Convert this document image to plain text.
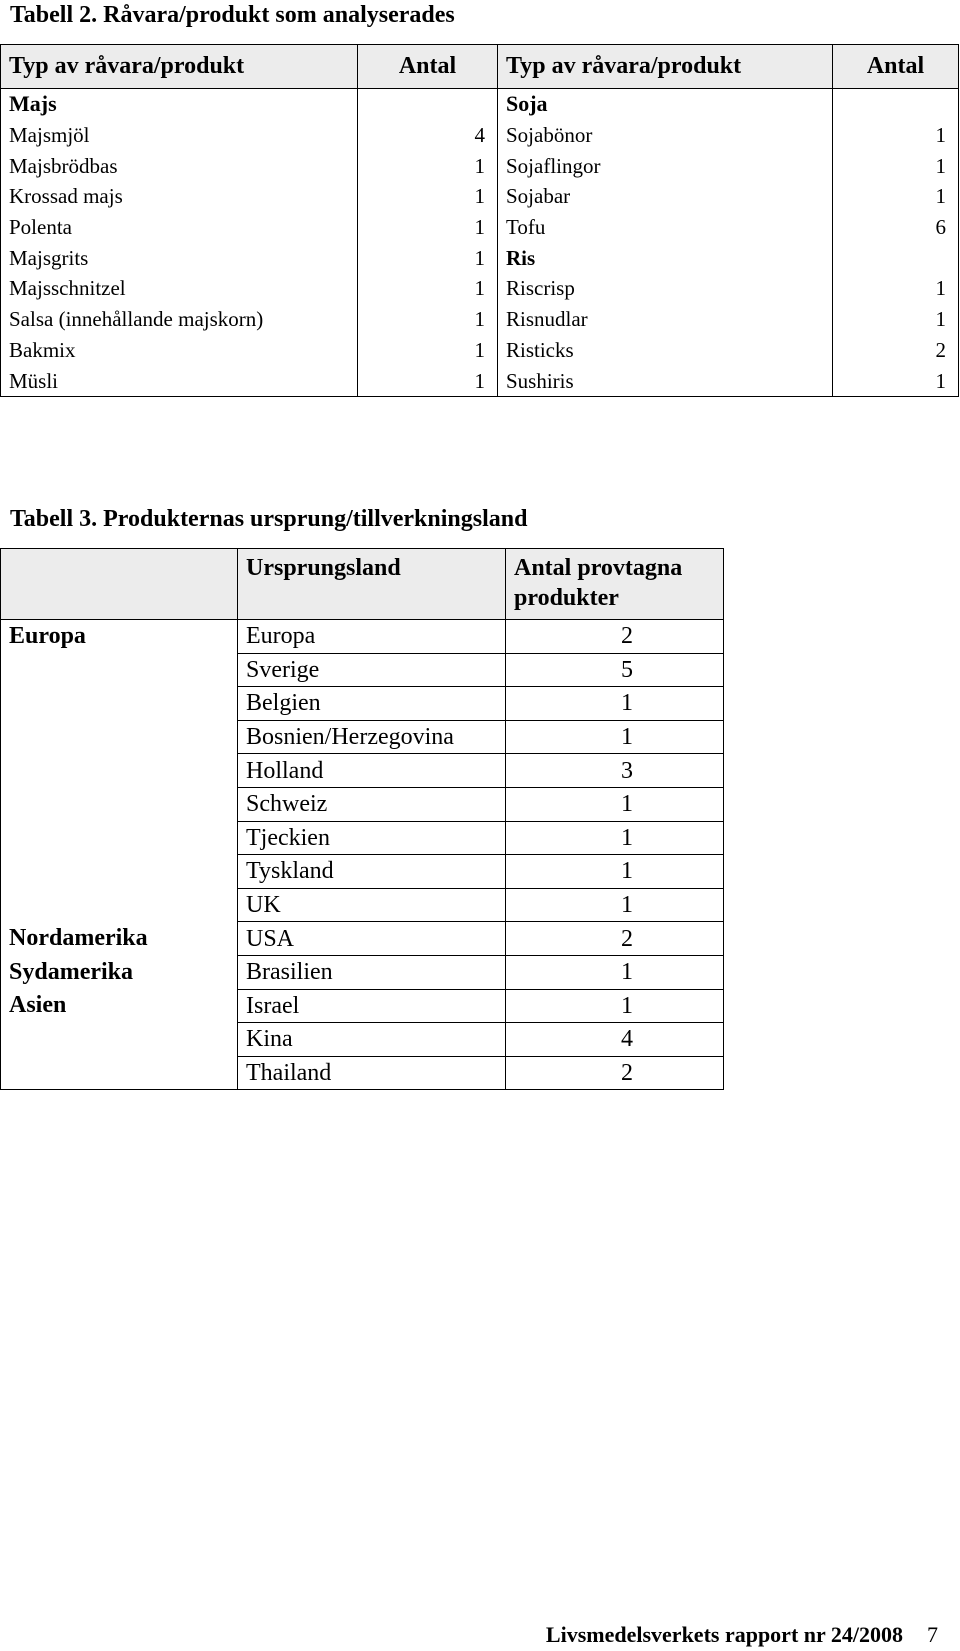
Tabell 2. Råvara/produkt som analyserades
Typ av råvara/produkt	Antal	Typ av råvara/produkt	Antal
Majs		Soja	
Majsmjöl	4	Sojabönor	1
Majsbrödbas	1	Sojaflingor	1
Krossad majs	1	Sojabar	1
Polenta	1	Tofu	6
Majsgrits	1	Ris	
Majsschnitzel	1	Riscrisp	1
Salsa (innehållande majskorn)	1	Risnudlar	1
Bakmix	1	Risticks	2
Müsli	1	Sushiris	1
Tabell 3. Produkternas ursprung/tillverkningsland
	Ursprungsland	Antal provtagna produkter
Europa	Europa	2
	Sverige	5
	Belgien	1
	Bosnien/Herzegovina	1
	Holland	3
	Schweiz	1
	Tjeckien	1
	Tyskland	1
	UK	1
Nordamerika	USA	2
Sydamerika	Brasilien	1
Asien	Israel	1
	Kina	4
	Thailand	2
Livsmedelsverkets rapport nr 24/2008 7
